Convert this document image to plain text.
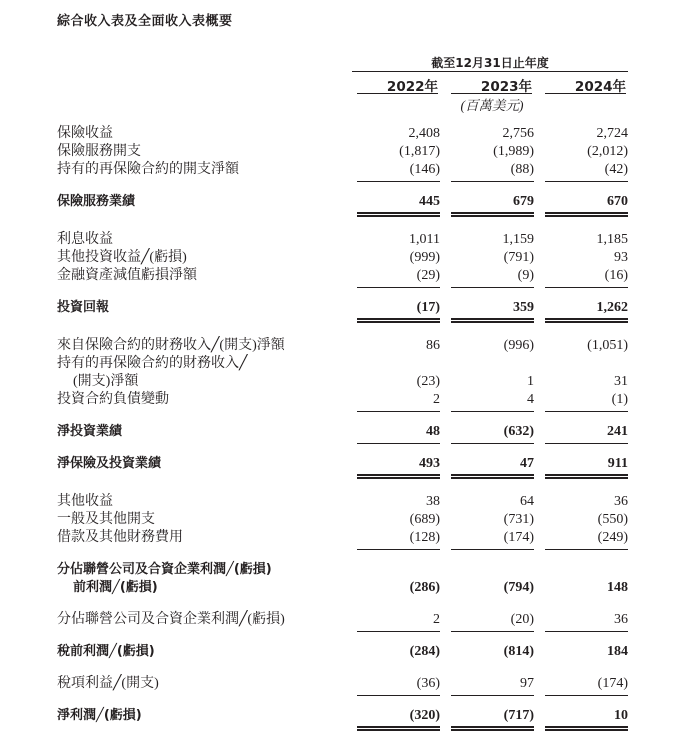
綜合收入表及全面收入表概要
截至12月31日止年度
2022年	2023年	2024年
(百萬美元)
保險收益	2,408	2,756	2,724
保險服務開支	(1,817)	(1,989)	(2,012)
持有的再保險合約的開支淨額	(146)	(88)	(42)
保險服務業績	445	679	670
利息收益	1,011	1,159	1,185
其他投資收益╱(虧損)	(999)	(791)	93
金融資產減值虧損淨額	(29)	(9)	(16)
投資回報	(17)	359	1,262
來自保險合約的財務收入╱(開支)淨額	86	(996)	(1,051)
持有的再保險合約的財務收入╱
(開支)淨額	(23)	1	31
投資合約負債變動	2	4	(1)
淨投資業績	48	(632)	241
淨保險及投資業績	493	47	911
其他收益	38	64	36
一般及其他開支	(689)	(731)	(550)
借款及其他財務費用	(128)	(174)	(249)
分佔聯營公司及合資企業利潤╱(虧損)
前利潤╱(虧損)	(286)	(794)	148
分佔聯營公司及合資企業利潤╱(虧損)	2	(20)	36
稅前利潤╱(虧損)	(284)	(814)	184
稅項利益╱(開支)	(36)	97	(174)
淨利潤╱(虧損)	(320)	(717)	10
